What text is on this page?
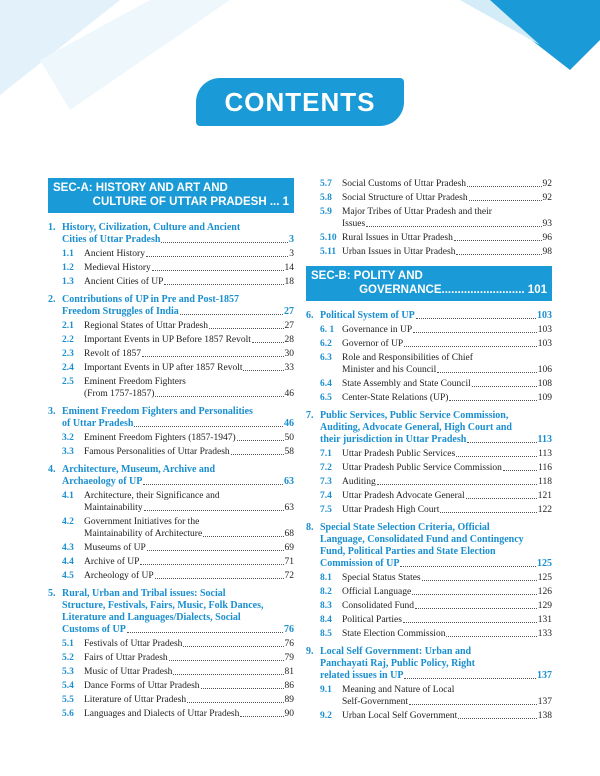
CONTENTS
SEC-A: HISTORY AND ART AND
CULTURE OF UTTAR PRADESH ... 1
1. History, Civilization, Culture and Ancient
Cities of Uttar Pradesh	3
1.1	Ancient History	3
1.2	Medieval History	14
1.3	Ancient Cities of UP	18
2. Contributions of UP in Pre and Post-1857
Freedom Struggles of India	27
2.1	Regional States of Uttar Pradesh	27
2.2	Important Events in UP Before 1857 Revolt	28
2.3	Revolt of 1857	30
2.4	Important Events in UP after 1857 Revolt	33
2.5	Eminent Freedom Fighters
(From 1757-1857)	46
3. Eminent Freedom Fighters and Personalities
of Uttar Pradesh	46
3.2	Eminent Freedom Fighters (1857-1947)	50
3.3	Famous Personalities of Uttar Pradesh	58
4. Architecture, Museum, Archive and
Archaeology of UP	63
4.1	Architecture, their Significance and
Maintainability	63
4.2	Government Initiatives for the
Maintainability of Architecture	68
4.3	Museums of UP	69
4.4	Archive of UP	71
4.5	Archeology of UP	72
5. Rural, Urban and Tribal issues: Social
Structure, Festivals, Fairs, Music, Folk Dances,
Literature and Languages/Dialects, Social
Customs of UP	76
5.1	Festivals of Uttar Pradesh	76
5.2	Fairs of Uttar Pradesh	79
5.3	Music of Uttar Pradesh	81
5.4	Dance Forms of Uttar Pradesh	86
5.5	Literature of Uttar Pradesh	89
5.6	Languages and Dialects of Uttar Pradesh	90
5.7	Social Customs of Uttar Pradesh	92
5.8	Social Structure of Uttar Pradesh	92
5.9	Major Tribes of Uttar Pradesh and their
Issues	93
5.10 Rural Issues in Uttar Pradesh	96
5.11 Urban Issues in Uttar Pradesh	98
SEC-B: POLITY AND
GOVERNANCE.......................... 101
6. Political System of UP	103
6. 1 Governance in UP	103
6.2	Governor of UP	103
6.3	Role and Responsibilities of Chief
Minister and his Council	106
6.4	State Assembly and State Council	108
6.5	Center-State Relations (UP)	109
7. Public Services, Public Service Commission,
Auditing, Advocate General, High Court and
their jurisdiction in Uttar Pradesh	113
7.1	Uttar Pradesh Public Services	113
7.2	Uttar Pradesh Public Service Commission	116
7.3	Auditing	118
7.4	Uttar Pradesh Advocate General	121
7.5	Uttar Pradesh High Court	122
8. Special State Selection Criteria, Official
Language, Consolidated Fund and Contingency
Fund, Political Parties and State Election
Commission of UP	125
8.1	Special Status States	125
8.2	Official Language	126
8.3	Consolidated Fund	129
8.4	Political Parties	131
8.5	State Election Commission	133
9. Local Self Government: Urban and
Panchayati Raj, Public Policy, Right
related issues in UP	137
9.1	Meaning and Nature of Local
Self-Government	137
9.2	Urban Local Self Government	138
